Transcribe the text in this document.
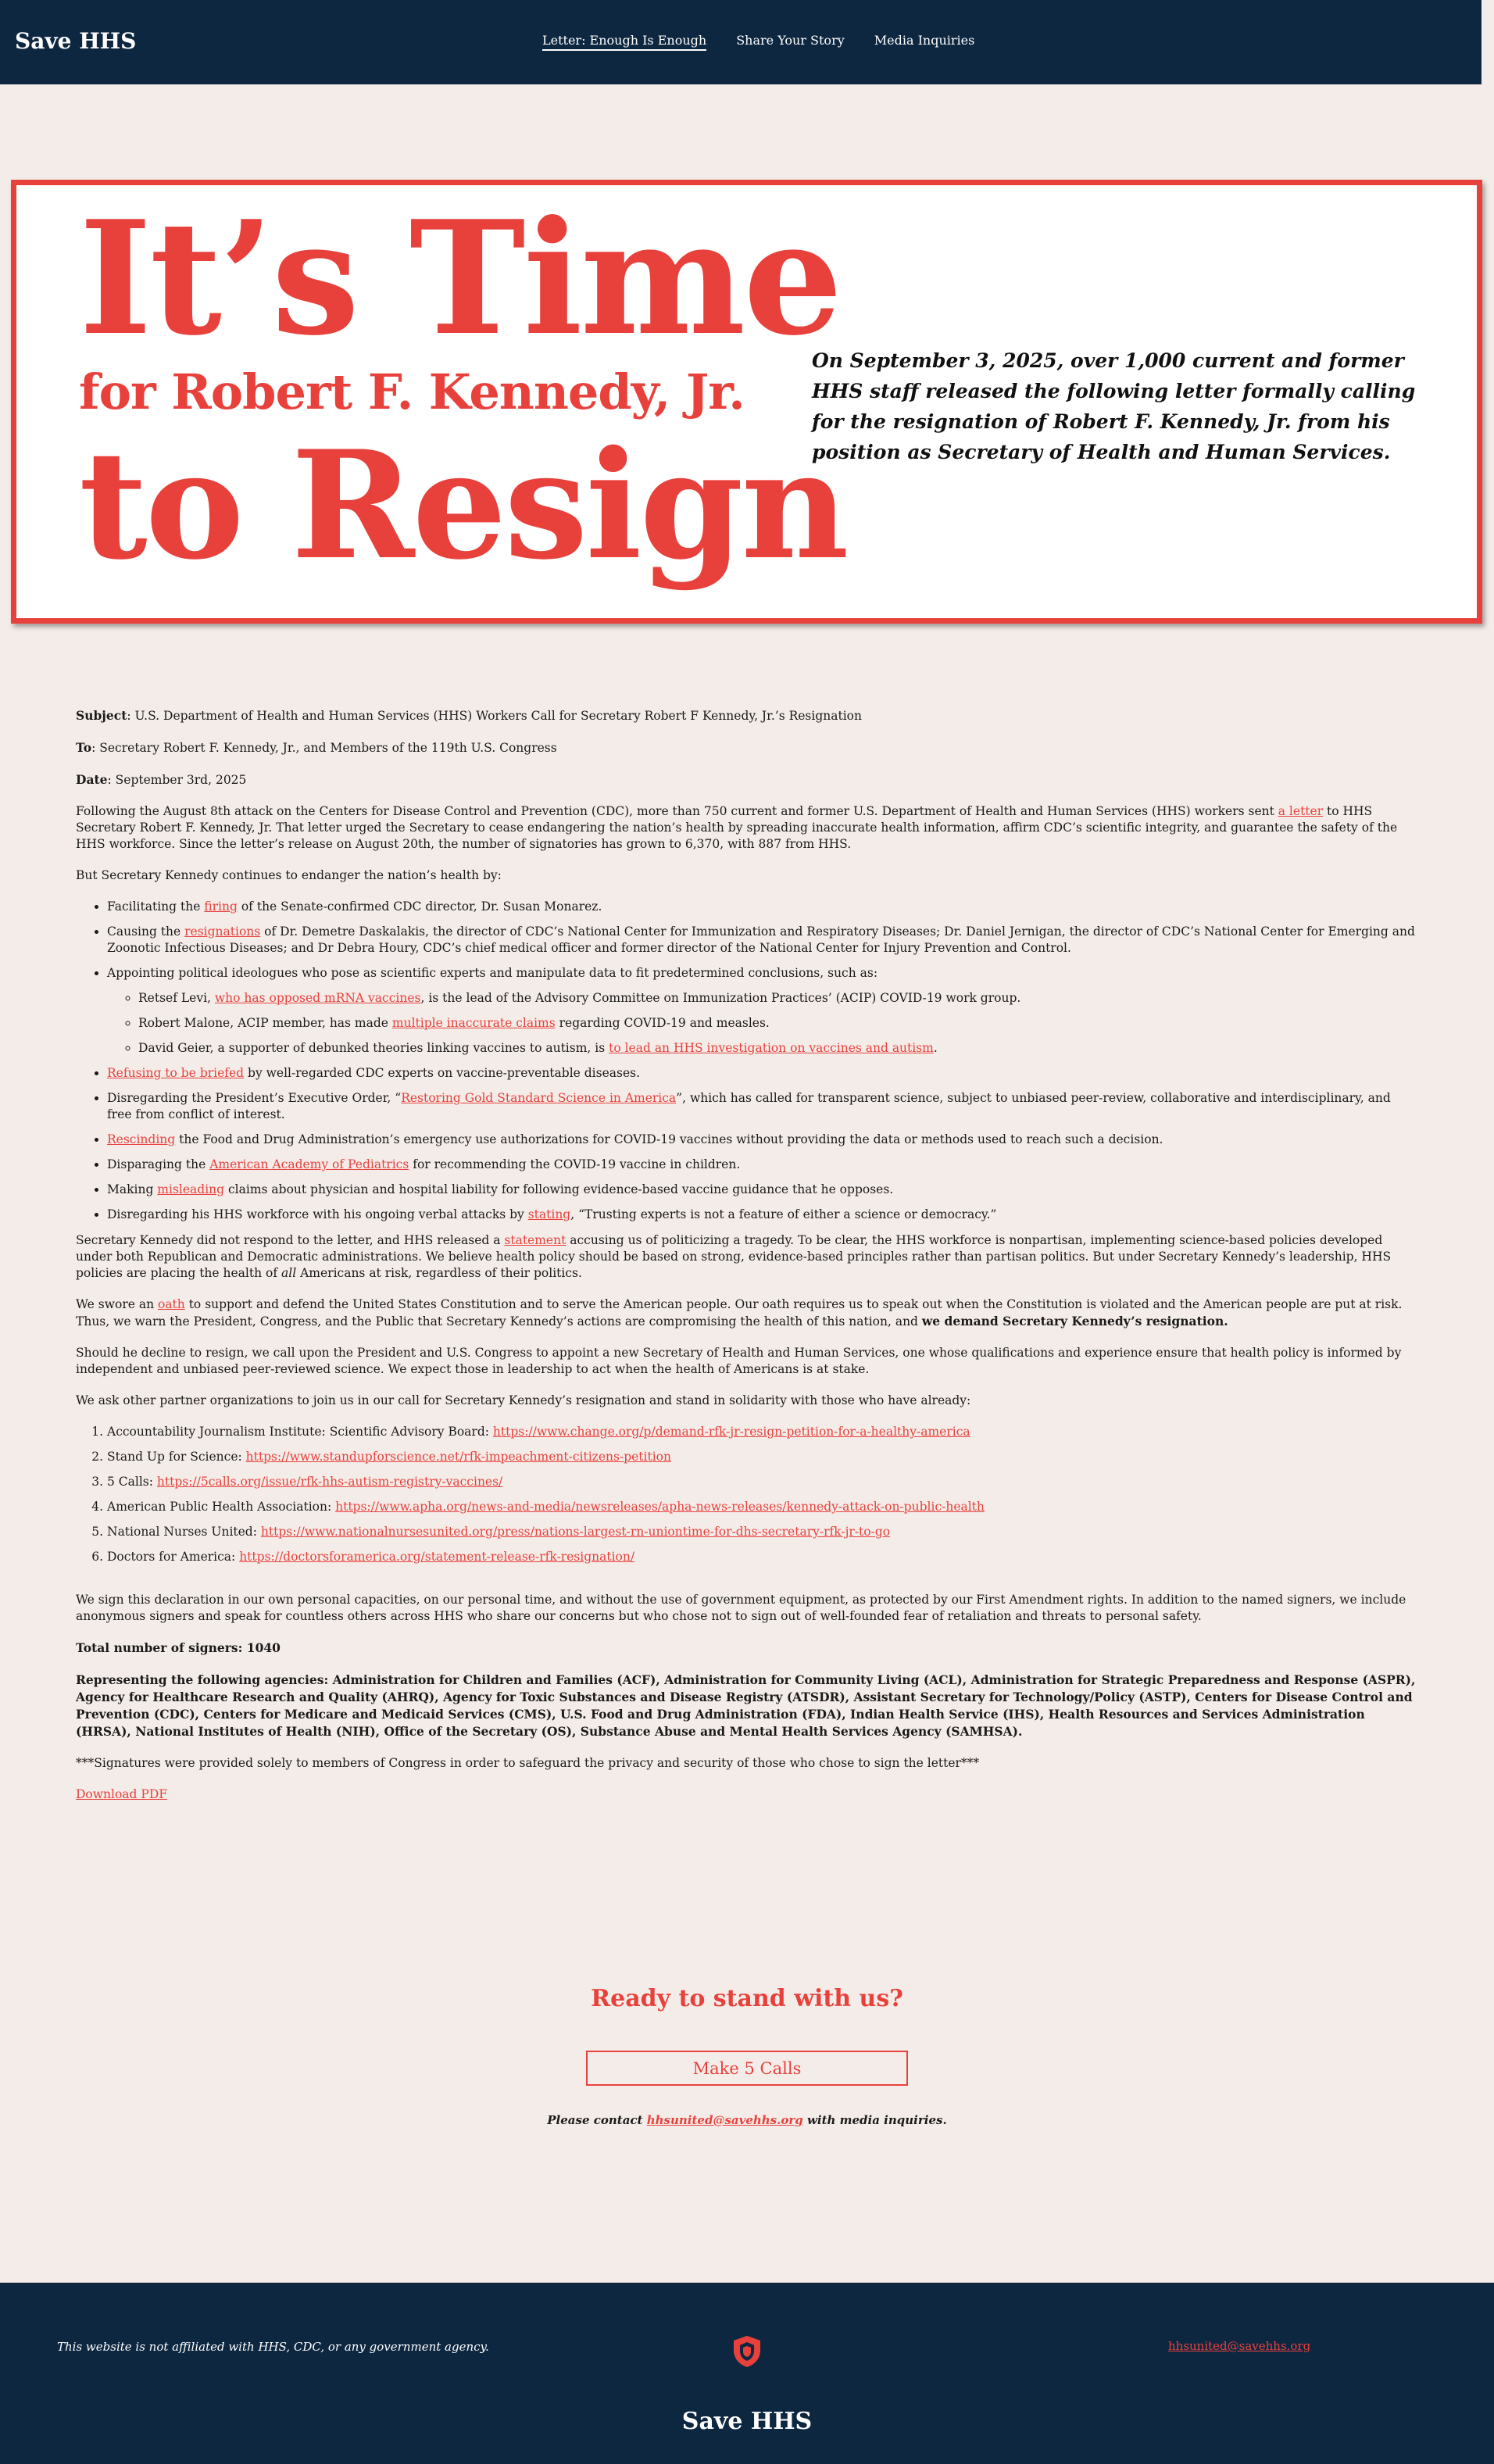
Save HHS	Letter: Enough Is Enough Share Your Story Media Inquiries
It’s Time
for Robert F. Kennedy, Jr.
to Resign

On September 3, 2025, over 1,000 current and former HHS staff released the following letter formally calling for the resignation of Robert F. Kennedy, Jr. from his position as Secretary of Health and Human Services.

Subject: U.S. Department of Health and Human Services (HHS) Workers Call for Secretary Robert F Kennedy, Jr.’s Resignation

To: Secretary Robert F. Kennedy, Jr., and Members of the 119th U.S. Congress

Date: September 3rd, 2025

Following the August 8th attack on the Centers for Disease Control and Prevention (CDC), more than 750 current and former U.S. Department of Health and Human Services (HHS) workers sent a letter to HHS Secretary Robert F. Kennedy, Jr. That letter urged the Secretary to cease endangering the nation’s health by spreading inaccurate health information, affirm CDC’s scientific integrity, and guarantee the safety of the HHS workforce. Since the letter’s release on August 20th, the number of signatories has grown to 6,370, with 887 from HHS.

But Secretary Kennedy continues to endanger the nation’s health by:

• Facilitating the firing of the Senate-confirmed CDC director, Dr. Susan Monarez.
• Causing the resignations of Dr. Demetre Daskalakis, the director of CDC’s National Center for Immunization and Respiratory Diseases; Dr. Daniel Jernigan, the director of CDC’s National Center for Emerging and Zoonotic Infectious Diseases; and Dr Debra Houry, CDC’s chief medical officer and former director of the National Center for Injury Prevention and Control.
• Appointing political ideologues who pose as scientific experts and manipulate data to fit predetermined conclusions, such as:
◦ Retsef Levi, who has opposed mRNA vaccines, is the lead of the Advisory Committee on Immunization Practices’ (ACIP) COVID-19 work group.
◦ Robert Malone, ACIP member, has made multiple inaccurate claims regarding COVID-19 and measles.
◦ David Geier, a supporter of debunked theories linking vaccines to autism, is to lead an HHS investigation on vaccines and autism.
• Refusing to be briefed by well-regarded CDC experts on vaccine-preventable diseases.
• Disregarding the President’s Executive Order, “Restoring Gold Standard Science in America”, which has called for transparent science, subject to unbiased peer-review, collaborative and interdisciplinary, and free from conflict of interest.
• Rescinding the Food and Drug Administration’s emergency use authorizations for COVID-19 vaccines without providing the data or methods used to reach such a decision.
• Disparaging the American Academy of Pediatrics for recommending the COVID-19 vaccine in children.
• Making misleading claims about physician and hospital liability for following evidence-based vaccine guidance that he opposes.
• Disregarding his HHS workforce with his ongoing verbal attacks by stating, “Trusting experts is not a feature of either a science or democracy.”

Secretary Kennedy did not respond to the letter, and HHS released a statement accusing us of politicizing a tragedy. To be clear, the HHS workforce is nonpartisan, implementing science-based policies developed under both Republican and Democratic administrations. We believe health policy should be based on strong, evidence-based principles rather than partisan politics. But under Secretary Kennedy’s leadership, HHS policies are placing the health of all Americans at risk, regardless of their politics.

We swore an oath to support and defend the United States Constitution and to serve the American people. Our oath requires us to speak out when the Constitution is violated and the American people are put at risk. Thus, we warn the President, Congress, and the Public that Secretary Kennedy’s actions are compromising the health of this nation, and we demand Secretary Kennedy’s resignation.

Should he decline to resign, we call upon the President and U.S. Congress to appoint a new Secretary of Health and Human Services, one whose qualifications and experience ensure that health policy is informed by independent and unbiased peer-reviewed science. We expect those in leadership to act when the health of Americans is at stake.

We ask other partner organizations to join us in our call for Secretary Kennedy’s resignation and stand in solidarity with those who have already:

1. Accountability Journalism Institute: Scientific Advisory Board: https://www.change.org/p/demand-rfk-jr-resign-petition-for-a-healthy-america
2. Stand Up for Science: https://www.standupforscience.net/rfk-impeachment-citizens-petition
3. 5 Calls: https://5calls.org/issue/rfk-hhs-autism-registry-vaccines/
4. American Public Health Association: https://www.apha.org/news-and-media/newsreleases/apha-news-releases/kennedy-attack-on-public-health
5. National Nurses United: https://www.nationalnursesunited.org/press/nations-largest-rn-uniontime-for-dhs-secretary-rfk-jr-to-go
6. Doctors for America: https://doctorsforamerica.org/statement-release-rfk-resignation/

We sign this declaration in our own personal capacities, on our personal time, and without the use of government equipment, as protected by our First Amendment rights. In addition to the named signers, we include anonymous signers and speak for countless others across HHS who share our concerns but who chose not to sign out of well-founded fear of retaliation and threats to personal safety.

Total number of signers: 1040

Representing the following agencies: Administration for Children and Families (ACF), Administration for Community Living (ACL), Administration for Strategic Preparedness and Response (ASPR), Agency for Healthcare Research and Quality (AHRQ), Agency for Toxic Substances and Disease Registry (ATSDR), Assistant Secretary for Technology/Policy (ASTP), Centers for Disease Control and Prevention (CDC), Centers for Medicare and Medicaid Services (CMS), U.S. Food and Drug Administration (FDA), Indian Health Service (IHS), Health Resources and Services Administration (HRSA), National Institutes of Health (NIH), Office of the Secretary (OS), Substance Abuse and Mental Health Services Agency (SAMHSA).

***Signatures were provided solely to members of Congress in order to safeguard the privacy and security of those who chose to sign the letter***

Download PDF

Ready to stand with us?
Make 5 Calls

Please contact hhsunited@savehhs.org with media inquiries.

This website is not affiliated with HHS, CDC, or any government agency.	hhsunited@savehhs.org
Save HHS
